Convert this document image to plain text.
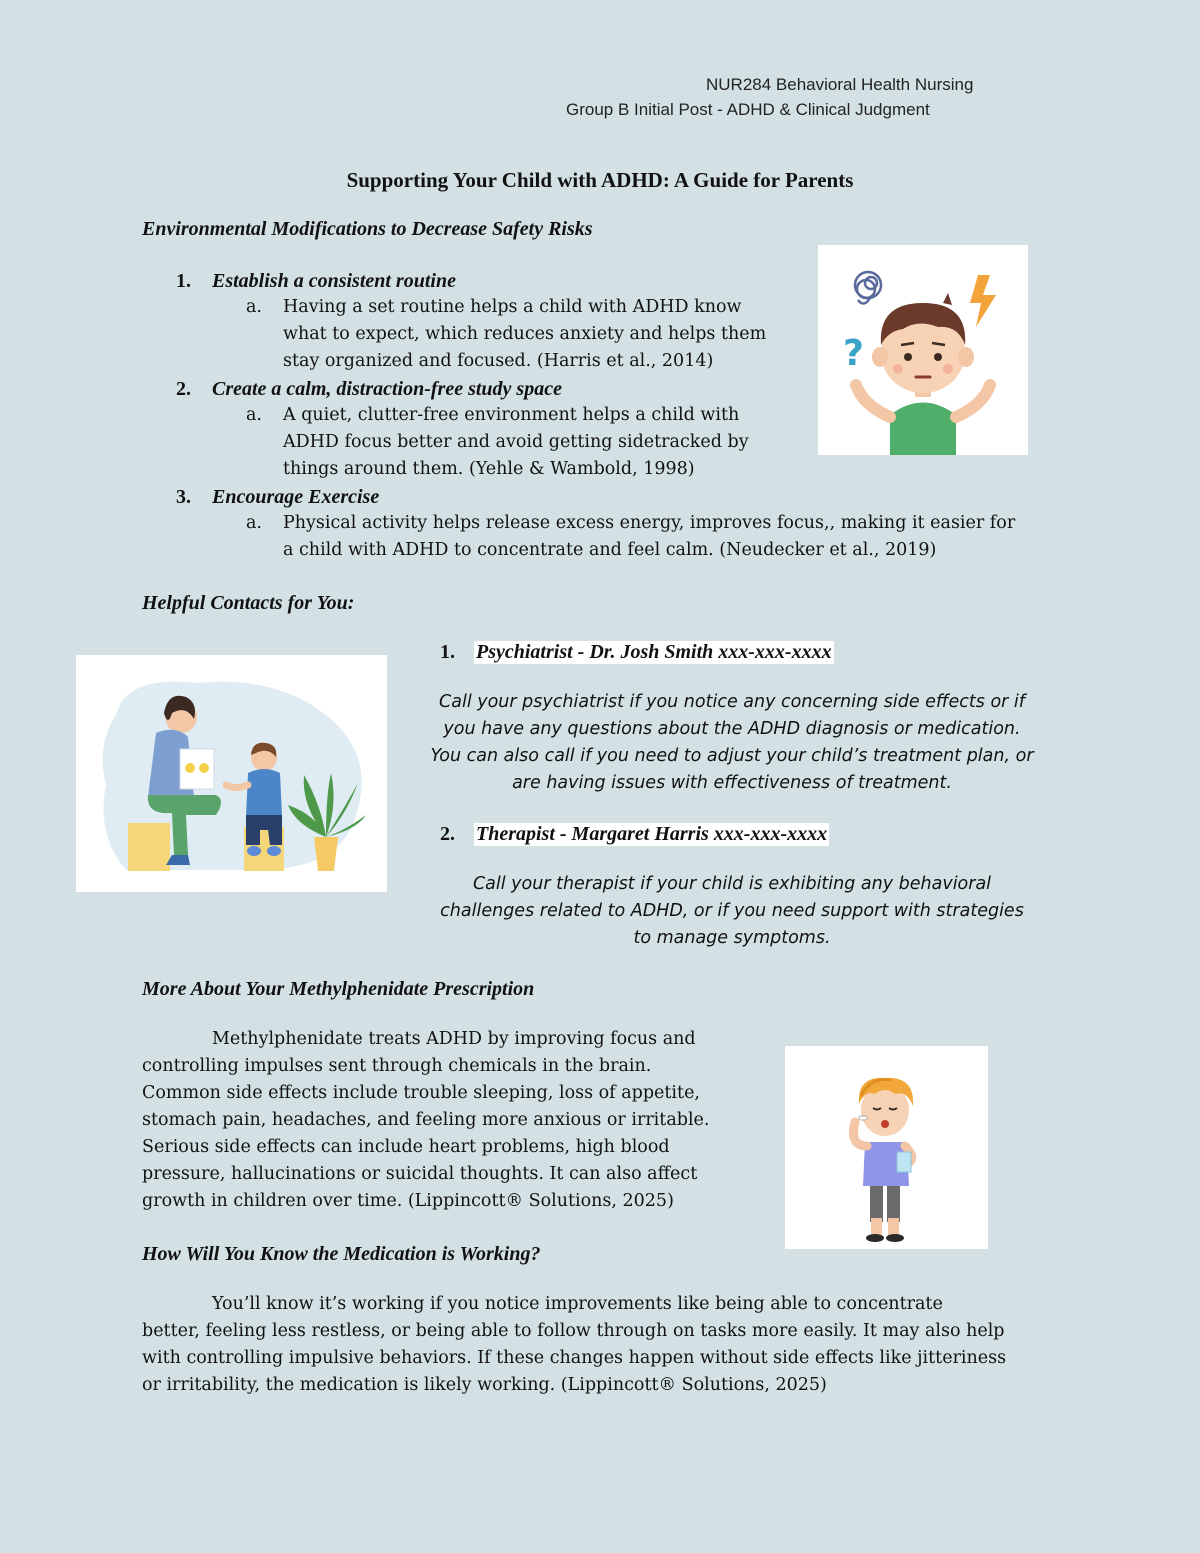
NUR284 Behavioral Health Nursing
Group B Initial Post - ADHD & Clinical Judgment
Supporting Your Child with ADHD: A Guide for Parents
Environmental Modifications to Decrease Safety Risks
1. Establish a consistent routine
a. Having a set routine helps a child with ADHD know
what to expect, which reduces anxiety and helps them
stay organized and focused. (Harris et al., 2014)
2. Create a calm, distraction-free study space
a. A quiet, clutter-free environment helps a child with
ADHD focus better and avoid getting sidetracked by
things around them. (Yehle & Wambold, 1998)
3. Encourage Exercise
a. Physical activity helps release excess energy, improves focus,, making it easier for
a child with ADHD to concentrate and feel calm. (Neudecker et al., 2019)
?
Helpful Contacts for You:
1. Psychiatrist - Dr. Josh Smith xxx-xxx-xxxx
Call your psychiatrist if you notice any concerning side effects or if
you have any questions about the ADHD diagnosis or medication.
You can also call if you need to adjust your child’s treatment plan, or
are having issues with effectiveness of treatment.
2. Therapist - Margaret Harris xxx-xxx-xxxx
Call your therapist if your child is exhibiting any behavioral
challenges related to ADHD, or if you need support with strategies
to manage symptoms.
More About Your Methylphenidate Prescription
Methylphenidate treats ADHD by improving focus and
controlling impulses sent through chemicals in the brain.
Common side effects include trouble sleeping, loss of appetite,
stomach pain, headaches, and feeling more anxious or irritable.
Serious side effects can include heart problems, high blood
pressure, hallucinations or suicidal thoughts. It can also affect
growth in children over time. (Lippincott® Solutions, 2025)
How Will You Know the Medication is Working?
You’ll know it’s working if you notice improvements like being able to concentrate
better, feeling less restless, or being able to follow through on tasks more easily. It may also help
with controlling impulsive behaviors. If these changes happen without side effects like jitteriness
or irritability, the medication is likely working. (Lippincott® Solutions, 2025)
